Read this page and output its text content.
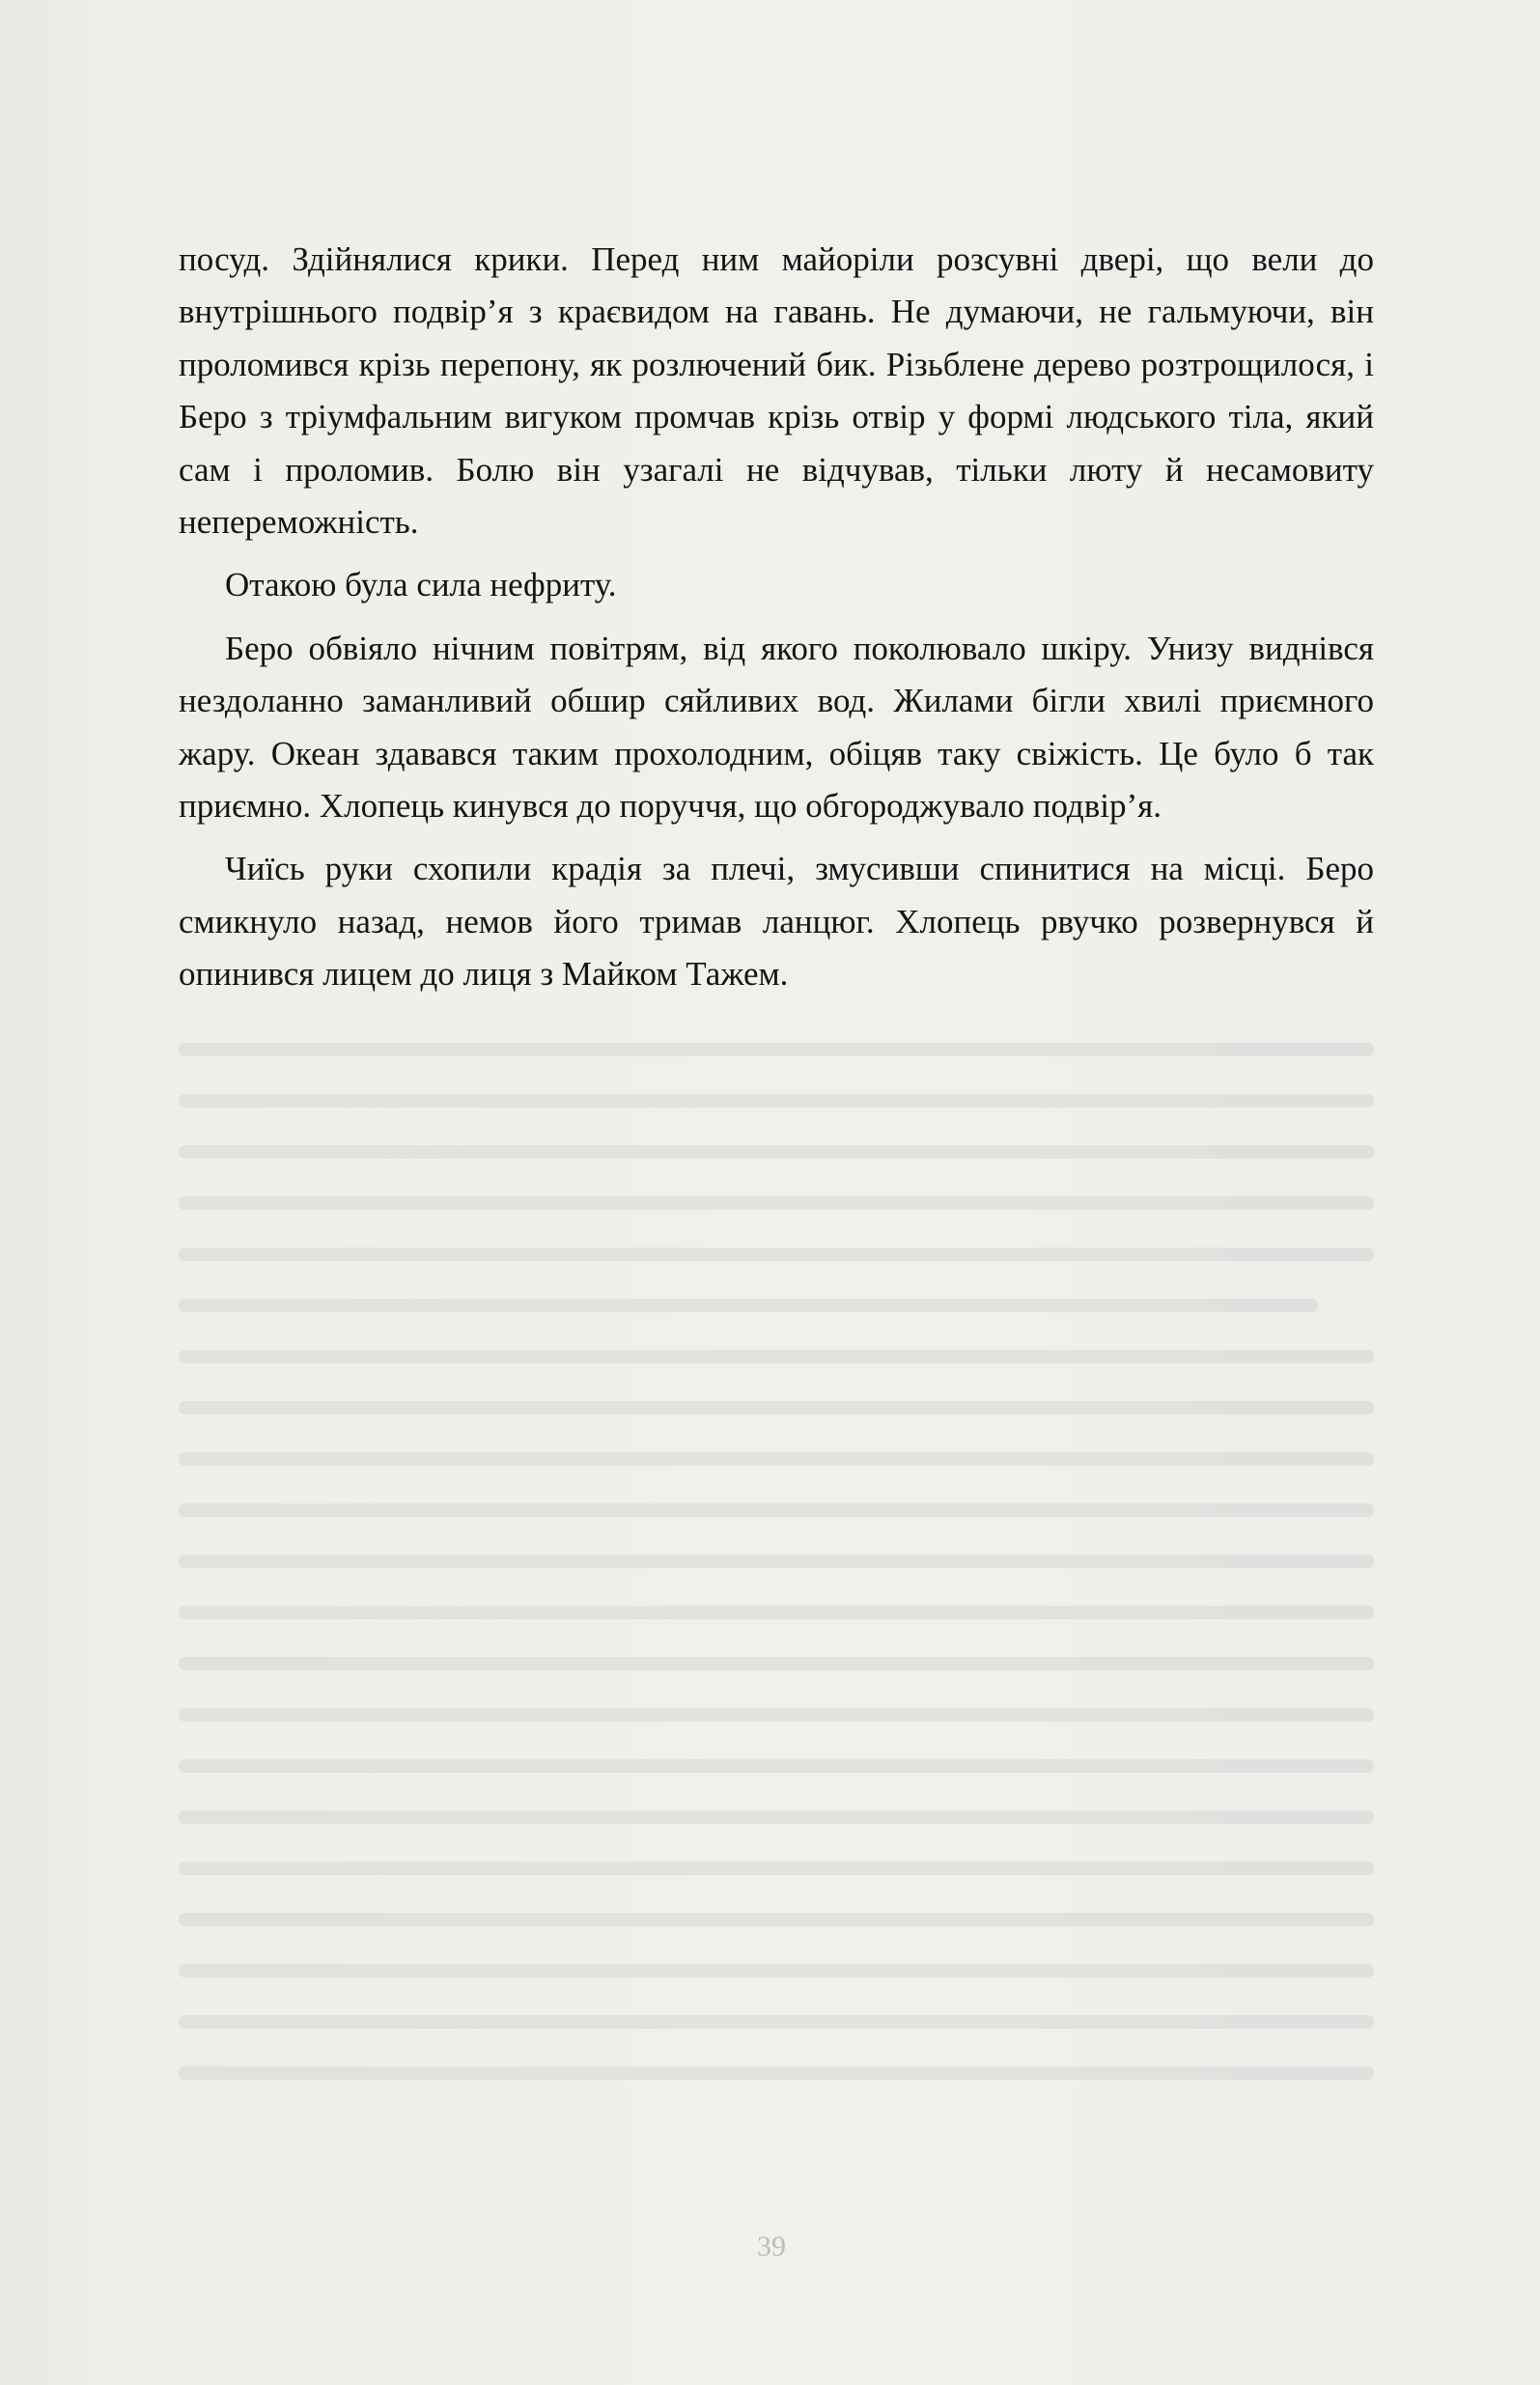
посуд. Здійнялися крики. Перед ним майоріли розсувні двері, що вели до внутрішнього подвір’я з краєвидом на гавань. Не думаючи, не гальмуючи, він проломився крізь перепону, як розлючений бик. Різьблене дерево розтрощилося, і Беро з тріумфальним вигуком промчав крізь отвір у формі людського тіла, який сам і проломив. Болю він узагалі не відчував, тільки люту й несамовиту непереможність.

Отакою була сила нефриту.

Беро обвіяло нічним повітрям, від якого поколювало шкіру. Унизу виднівся нездоланно заманливий обшир сяйливих вод. Жилами бігли хвилі приємного жару. Океан здавався таким прохолодним, обіцяв таку свіжість. Це було б так приємно. Хлопець кинувся до поруччя, що обгороджувало подвір’я.

Чиїсь руки схопили крадія за плечі, змусивши спинитися на місці. Беро смикнуло назад, немов його тримав ланцюг. Хлопець рвучко розвернувся й опинився лицем до лиця з Майком Тажем.

39
